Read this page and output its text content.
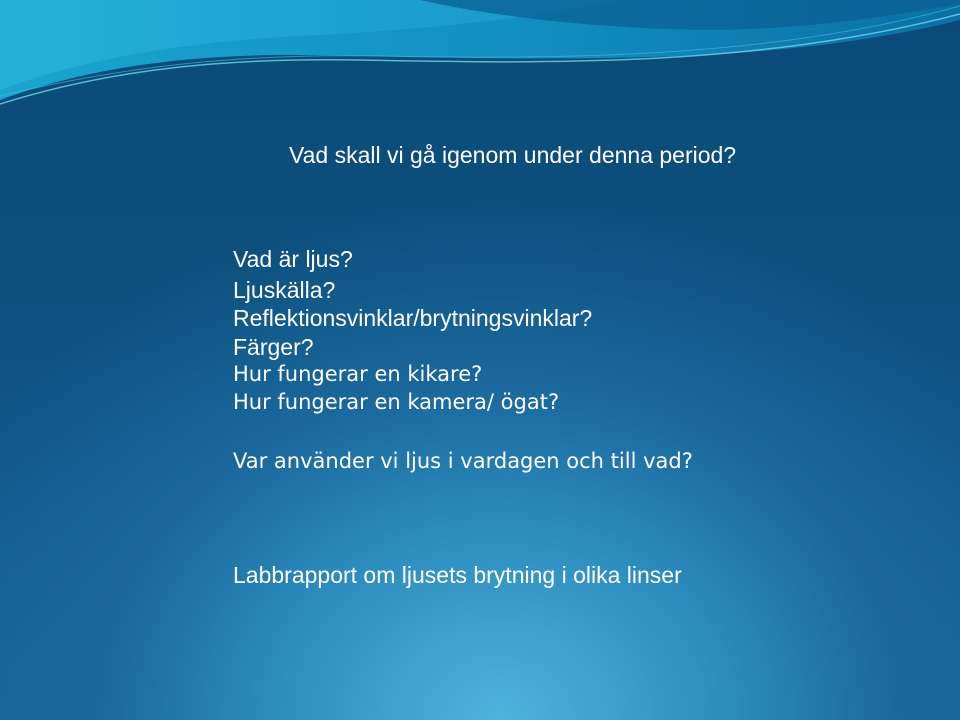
Vad skall vi gå igenom under denna period?
Vad är ljus?
Ljuskälla?
Reflektionsvinklar/brytningsvinklar?
Färger?
Hur fungerar en kikare?
Hur fungerar en kamera/ ögat?
Var använder vi ljus i vardagen och till vad?
Labbrapport om ljusets brytning i olika linser
